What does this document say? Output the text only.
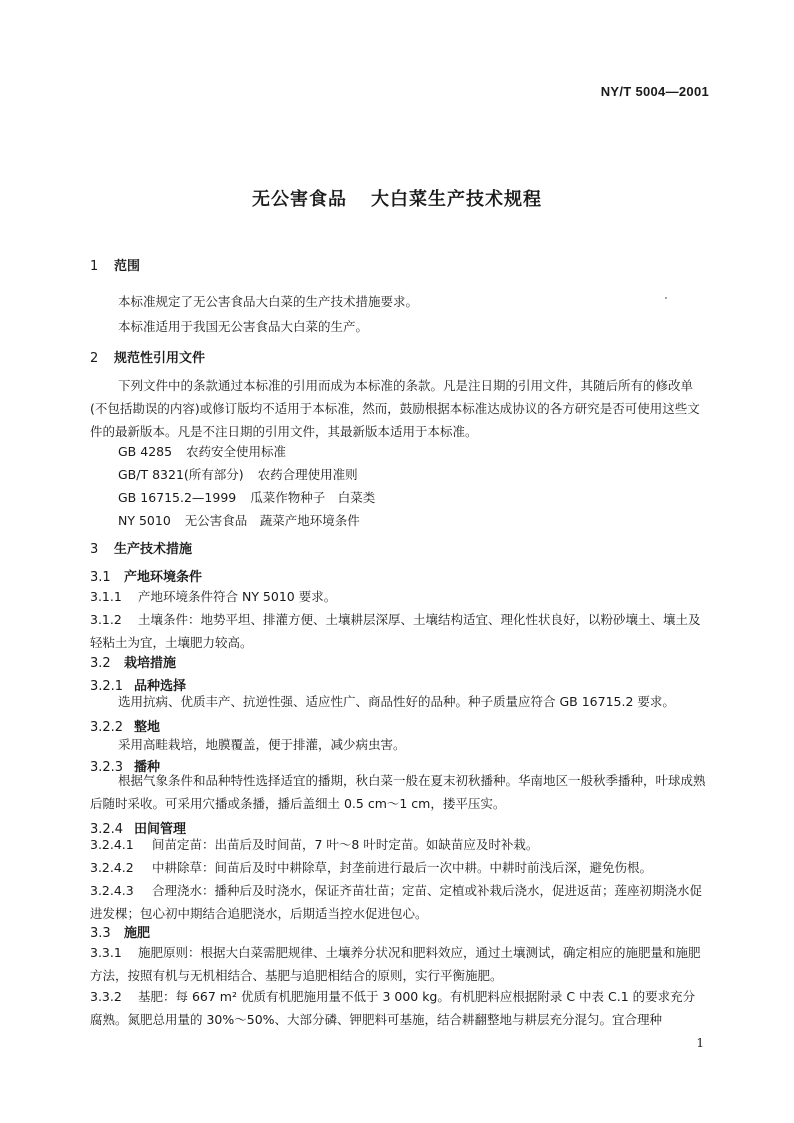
NY/T 5004—2001
无公害食品 大白菜生产技术规程
1 范围
本标准规定了无公害食品大白菜的生产技术措施要求。
本标准适用于我国无公害食品大白菜的生产。
2 规范性引用文件
下列文件中的条款通过本标准的引用而成为本标准的条款。凡是注日期的引用文件，其随后所有的修改单(不包括勘误的内容)或修订版均不适用于本标准，然而，鼓励根据本标准达成协议的各方研究是否可使用这些文件的最新版本。凡是不注日期的引用文件，其最新版本适用于本标准。
GB 4285 农药安全使用标准
GB/T 8321(所有部分) 农药合理使用准则
GB 16715.2—1999 瓜菜作物种子　白菜类
NY 5010 无公害食品　蔬菜产地环境条件
3 生产技术措施
3.1 产地环境条件
3.1.1 产地环境条件符合 NY 5010 要求。
3.1.2 土壤条件：地势平坦、排灌方便、土壤耕层深厚、土壤结构适宜、理化性状良好，以粉砂壤土、壤土及轻粘土为宜，土壤肥力较高。
3.2 栽培措施
3.2.1 品种选择
选用抗病、优质丰产、抗逆性强、适应性广、商品性好的品种。种子质量应符合 GB 16715.2 要求。
3.2.2 整地
采用高畦栽培，地膜覆盖，便于排灌，减少病虫害。
3.2.3 播种
根据气象条件和品种特性选择适宜的播期，秋白菜一般在夏末初秋播种。华南地区一般秋季播种，叶球成熟后随时采收。可采用穴播或条播，播后盖细土 0.5 cm～1 cm，搂平压实。
3.2.4 田间管理
3.2.4.1 间苗定苗：出苗后及时间苗，7 叶～8 叶时定苗。如缺苗应及时补栽。
3.2.4.2 中耕除草：间苗后及时中耕除草，封垄前进行最后一次中耕。中耕时前浅后深，避免伤根。
3.2.4.3 合理浇水：播种后及时浇水，保证齐苗壮苗；定苗、定植或补栽后浇水，促进返苗；莲座初期浇水促进发棵；包心初中期结合追肥浇水，后期适当控水促进包心。
3.3 施肥
3.3.1 施肥原则：根据大白菜需肥规律、土壤养分状况和肥料效应，通过土壤测试，确定相应的施肥量和施肥方法，按照有机与无机相结合、基肥与追肥相结合的原则，实行平衡施肥。
3.3.2 基肥：每 667 m² 优质有机肥施用量不低于 3 000 kg。有机肥料应根据附录 C 中表 C.1 的要求充分腐熟。氮肥总用量的 30%～50%、大部分磷、钾肥料可基施，结合耕翻整地与耕层充分混匀。宜合理种
1
